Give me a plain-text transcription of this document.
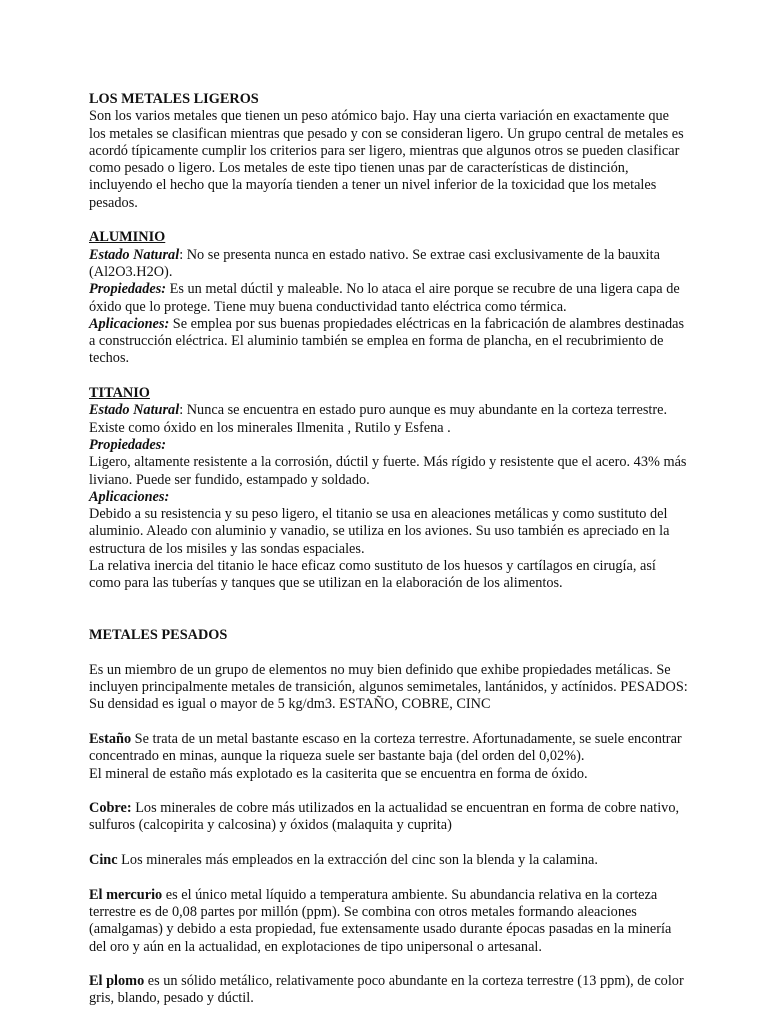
LOS METALES LIGEROS

Son los varios metales que tienen un peso atómico bajo. Hay una cierta variación en exactamente que los metales se clasifican mientras que pesado y con se consideran ligero. Un grupo central de metales es acordó típicamente cumplir los criterios para ser ligero, mientras que algunos otros se pueden clasificar como pesado o ligero. Los metales de este tipo tienen unas par de características de distinción, incluyendo el hecho que la mayoría tienden a tener un nivel inferior de la toxicidad que los metales pesados.

ALUMINIO

Estado Natural: No se presenta nunca en estado nativo. Se extrae casi exclusivamente de la bauxita (Al2O3.H2O).

Propiedades: Es un metal dúctil y maleable. No lo ataca el aire porque se recubre de una ligera capa de óxido que lo protege. Tiene muy buena conductividad tanto eléctrica como térmica.

Aplicaciones: Se emplea por sus buenas propiedades eléctricas en la fabricación de alambres destinadas a construcción eléctrica. El aluminio también se emplea en forma de plancha, en el recubrimiento de techos.

TITANIO

Estado Natural: Nunca se encuentra en estado puro aunque es muy abundante en la corteza terrestre. Existe como óxido en los minerales Ilmenita , Rutilo y Esfena .

Propiedades:

Ligero, altamente resistente a la corrosión, dúctil y fuerte. Más rígido y resistente que el acero. 43% más liviano. Puede ser fundido, estampado y soldado.

Aplicaciones:

Debido a su resistencia y su peso ligero, el titanio se usa en aleaciones metálicas y como sustituto del aluminio. Aleado con aluminio y vanadio, se utiliza en los aviones. Su uso también es apreciado en la estructura de los misiles y las sondas espaciales.

La relativa inercia del titanio le hace eficaz como sustituto de los huesos y cartílagos en cirugía, así como para las tuberías y tanques que se utilizan en la elaboración de los alimentos.

METALES PESADOS

Es un miembro de un grupo de elementos no muy bien definido que exhibe propiedades metálicas. Se incluyen principalmente metales de transición, algunos semimetales, lantánidos, y actínidos. PESADOS: Su densidad es igual o mayor de 5 kg/dm3. ESTAÑO, COBRE, CINC

Estaño Se trata de un metal bastante escaso en la corteza terrestre. Afortunadamente, se suele encontrar concentrado en minas, aunque la riqueza suele ser bastante baja (del orden del 0,02%).

El mineral de estaño más explotado es la casiterita que se encuentra en forma de óxido.

Cobre: Los minerales de cobre más utilizados en la actualidad se encuentran en forma de cobre nativo, sulfuros (calcopirita y calcosina) y óxidos (malaquita y cuprita)

Cinc Los minerales más empleados en la extracción del cinc son la blenda y la calamina.

El mercurio es el único metal líquido a temperatura ambiente. Su abundancia relativa en la corteza terrestre es de 0,08 partes por millón (ppm). Se combina con otros metales formando aleaciones (amalgamas) y debido a esta propiedad, fue extensamente usado durante épocas pasadas en la minería del oro y aún en la actualidad, en explotaciones de tipo unipersonal o artesanal.

El plomo es un sólido metálico, relativamente poco abundante en la corteza terrestre (13 ppm), de color gris, blando, pesado y dúctil.
